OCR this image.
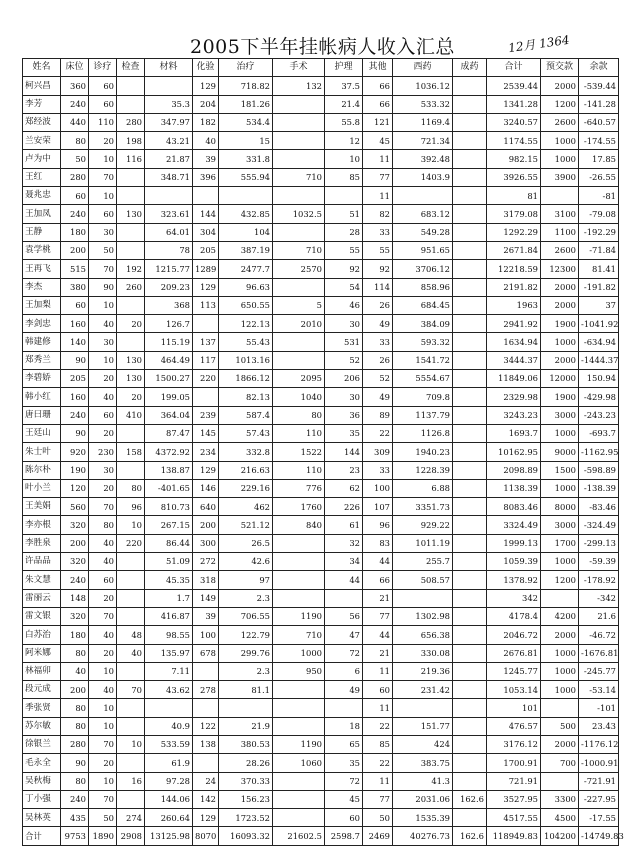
2005下半年挂帐病人收入汇总	12月 1364
姓名	床位	诊疗	检查	材料	化验	治疗	手术	护理	其他	西药	成药	合计	预交款	余款
柯兴昌	360	60			129	718.82	132	37.5	66	1036.12		2539.44	2000	-539.44
李芳	240	60		35.3	204	181.26		21.4	66	533.32		1341.28	1200	-141.28
郑经波	440	110	280	347.97	182	534.4		55.8	121	1169.4		3240.57	2600	-640.57
兰安荣	80	20	198	43.21	40	15		12	45	721.34		1174.55	1000	-174.55
卢为中	50	10	116	21.87	39	331.8		10	11	392.48		982.15	1000	17.85
王红	280	70		348.71	396	555.94	710	85	77	1403.9		3926.55	3900	-26.55
聂兆忠	60	10							11			81		-81
王加凤	240	60	130	323.61	144	432.85	1032.5	51	82	683.12		3179.08	3100	-79.08
王静	180	30		64.01	304	104		28	33	549.28		1292.29	1100	-192.29
袁学桃	200	50		78	205	387.19	710	55	55	951.65		2671.84	2600	-71.84
王再飞	515	70	192	1215.77	1289	2477.7	2570	92	92	3706.12		12218.59	12300	81.41
李杰	380	90	260	209.23	129	96.63		54	114	858.96		2191.82	2000	-191.82
王加梨	60	10		368	113	650.55	5	46	26	684.45		1963	2000	37
李剑忠	160	40	20	126.7		122.13	2010	30	49	384.09		2941.92	1900	-1041.92
韩建修	140	30		115.19	137	55.43		531	33	593.32		1634.94	1000	-634.94
郑秀兰	90	10	130	464.49	117	1013.16		52	26	1541.72		3444.37	2000	-1444.37
李碧娇	205	20	130	1500.27	220	1866.12	2095	206	52	5554.67		11849.06	12000	150.94
韩小红	160	40	20	199.05		82.13	1040	30	49	709.8		2329.98	1900	-429.98
唐曰珊	240	60	410	364.04	239	587.4	80	36	89	1137.79		3243.23	3000	-243.23
王廷山	90	20		87.47	145	57.43	110	35	22	1126.8		1693.7	1000	-693.7
朱士叶	920	230	158	4372.92	234	332.8	1522	144	309	1940.23		10162.95	9000	-1162.95
陈尔朴	190	30		138.87	129	216.63	110	23	33	1228.39		2098.89	1500	-598.89
叶小兰	120	20	80	-401.65	146	229.16	776	62	100	6.88		1138.39	1000	-138.39
王美娟	560	70	96	810.73	640	462	1760	226	107	3351.73		8083.46	8000	-83.46
李亦根	320	80	10	267.15	200	521.12	840	61	96	929.22		3324.49	3000	-324.49
李胜泉	200	40	220	86.44	300	26.5		32	83	1011.19		1999.13	1700	-299.13
许品品	320	40		51.09	272	42.6		34	44	255.7		1059.39	1000	-59.39
朱文慧	240	60		45.35	318	97		44	66	508.57		1378.92	1200	-178.92
雷丽云	148	20		1.7	149	2.3			21			342		-342
雷文银	320	70		416.87	39	706.55	1190	56	77	1302.98		4178.4	4200	21.6
白苏治	180	40	48	98.55	100	122.79	710	47	44	656.38		2046.72	2000	-46.72
阿米娜	80	20	40	135.97	678	299.76	1000	72	21	330.08		2676.81	1000	-1676.81
林福卯	40	10		7.11		2.3	950	6	11	219.36		1245.77	1000	-245.77
段元成	200	40	70	43.62	278	81.1		49	60	231.42		1053.14	1000	-53.14
季张贤	80	10							11			101		-101
苏尔敏	80	10		40.9	122	21.9		18	22	151.77		476.57	500	23.43
徐银兰	280	70	10	533.59	138	380.53	1190	65	85	424		3176.12	2000	-1176.12
毛永全	90	20		61.9		28.26	1060	35	22	383.75		1700.91	700	-1000.91
吴秋梅	80	10	16	97.28	24	370.33		72	11	41.3		721.91		-721.91
丁小强	240	70		144.06	142	156.23		45	77	2031.06	162.6	3527.95	3300	-227.95
吴林英	435	50	274	260.64	129	1723.52		60	50	1535.39		4517.55	4500	-17.55
合计	9753	1890	2908	13125.98	8070	16093.32	21602.5	2598.7	2469	40276.73	162.6	118949.83	104200	-14749.83
